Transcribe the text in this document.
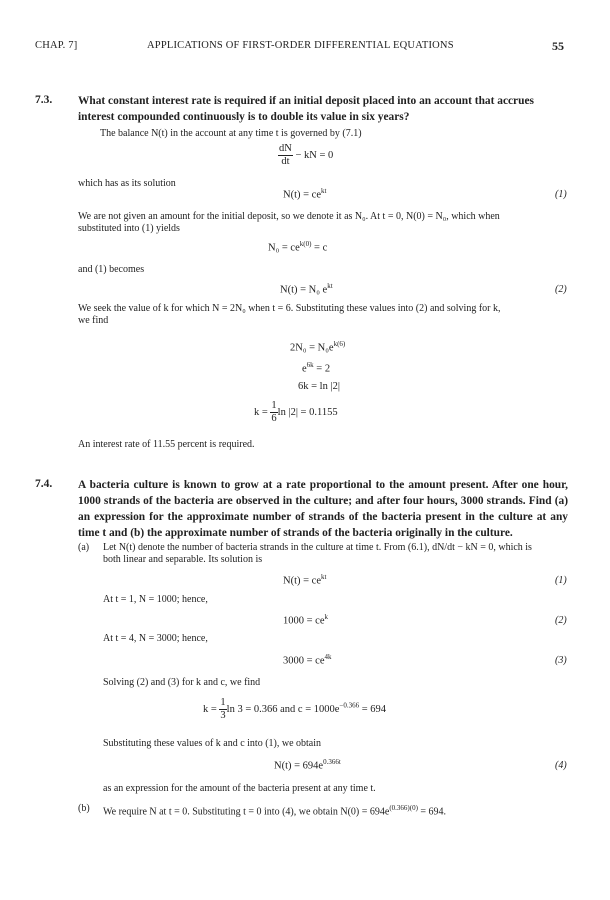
CHAP. 7]	APPLICATIONS OF FIRST-ORDER DIFFERENTIAL EQUATIONS	55
7.3. What constant interest rate is required if an initial deposit placed into an account that accrues interest compounded continuously is to double its value in six years?
The balance N(t) in the account at any time t is governed by (7.1)
$\frac{dN}{dt}$ − kN = 0
which has as its solution
$N(t) = ce^{kt}$	(1)
We are not given an amount for the initial deposit, so we denote it as N₀. At t = 0, N(0) = N₀, which when
substituted into (1) yields
$N_0 = ce^{k(0)} = c$
and (1) becomes
N(t) = N₀ $e^{kt}$	(2)
We seek the value of k for which N = 2N₀ when t = 6. Substituting these values into (2) and solving for k,
we find
$2N_0 = N_0e^{k(6)}$
$e^{6k} = 2$
6k = ln |2|
$k = \frac{1}{6}$ ln |2| = 0.1155
An interest rate of 11.55 percent is required.
7.4. A bacteria culture is known to grow at a rate proportional to the amount present. After one hour, 1000 strands of the bacteria are observed in the culture; and after four hours, 3000 strands. Find (a) an expression for the approximate number of strands of the bacteria present in the culture at any time t and (b) the approximate number of strands of the bacteria originally in the culture.
(a) Let N(t) denote the number of bacteria strands in the culture at time t. From (6.1), dN/dt − kN = 0, which is
both linear and separable. Its solution is
$N(t) = ce^{kt}$	(1)
At t = 1, N = 1000; hence,
$1000 = ce^k$	(2)
At t = 4, N = 3000; hence,
$3000 = ce^{4k}$	(3)
Solving (2) and (3) for k and c, we find
$k = \frac{1}{3}$ ln 3 = 0.366 and $c = 1000e^{-0.366} = 694$
Substituting these values of k and c into (1), we obtain
$N(t) = 694e^{0.366t}$	(4)
as an expression for the amount of the bacteria present at any time t.
(b) We require N at t = 0. Substituting t = 0 into (4), we obtain $N(0) = 694e^{(0.366)(0)} = 694$.
